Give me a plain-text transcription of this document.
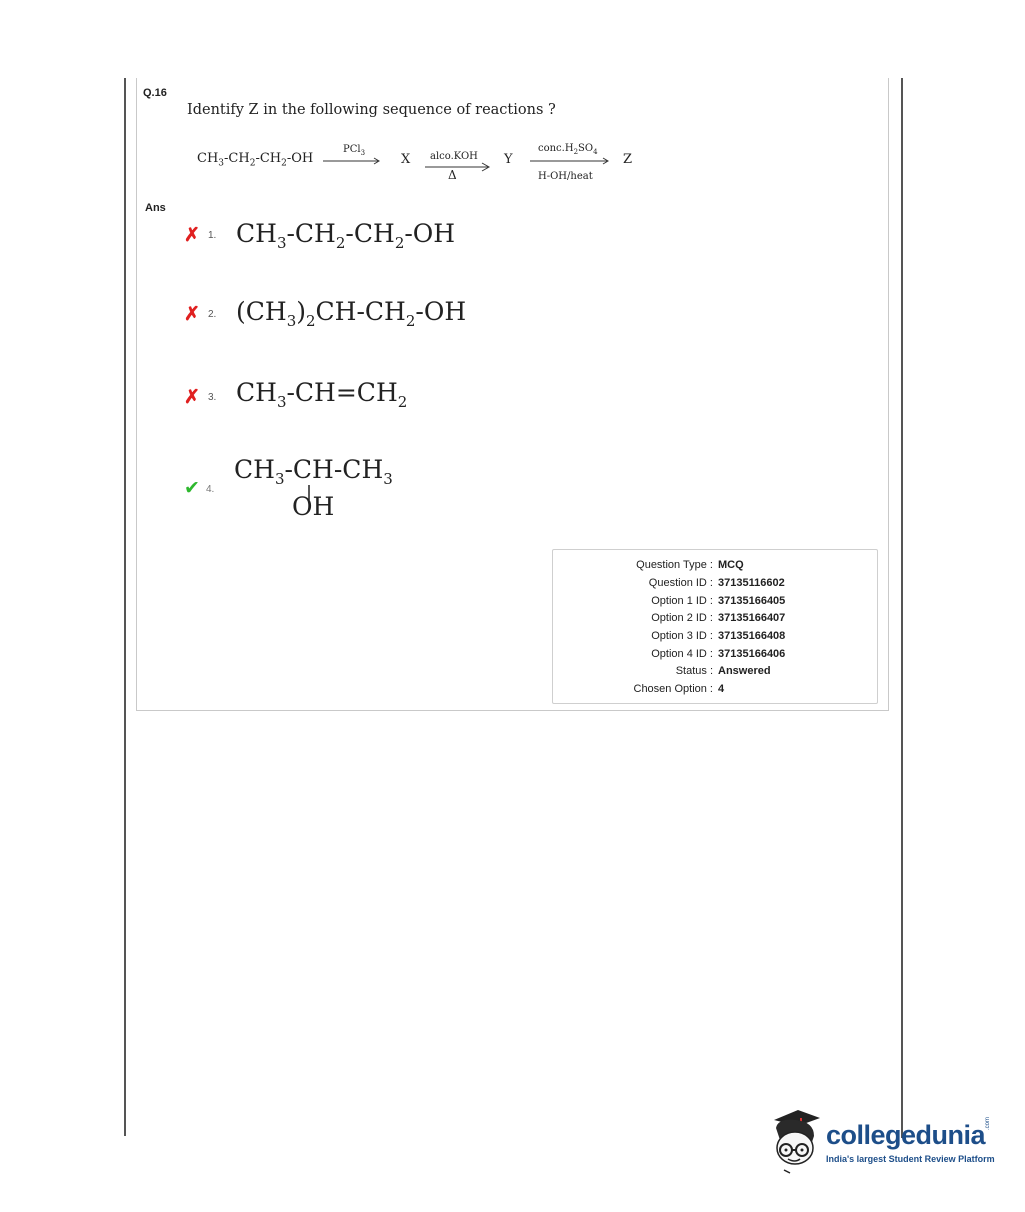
Q.16
Identify Z in the following sequence of reactions ?
$CH_3-CH_2-CH_2-OH$ →
PCl$_3$	X alco.KOH
Δ
Y
$conc.H_2SO_4$
H-OH/heat
Z
Ans
✗ 1. $CH_3-CH_2-CH_2-OH$
✗ 2. $(CH_3)_2CH-CH_2-OH$
✗ 3. $CH_3-CH=CH_2$
✔ 4.
$CH_3-CH-CH_3$
OH
Question Type : MCQ
Question ID : 37135116602
Option 1 ID : 37135166405
Option 2 ID : 37135166407
Option 3 ID : 37135166408
Option 4 ID : 37135166406
Status : Answered
Chosen Option : 4
collegedunia .com
India's largest Student Review Platform
